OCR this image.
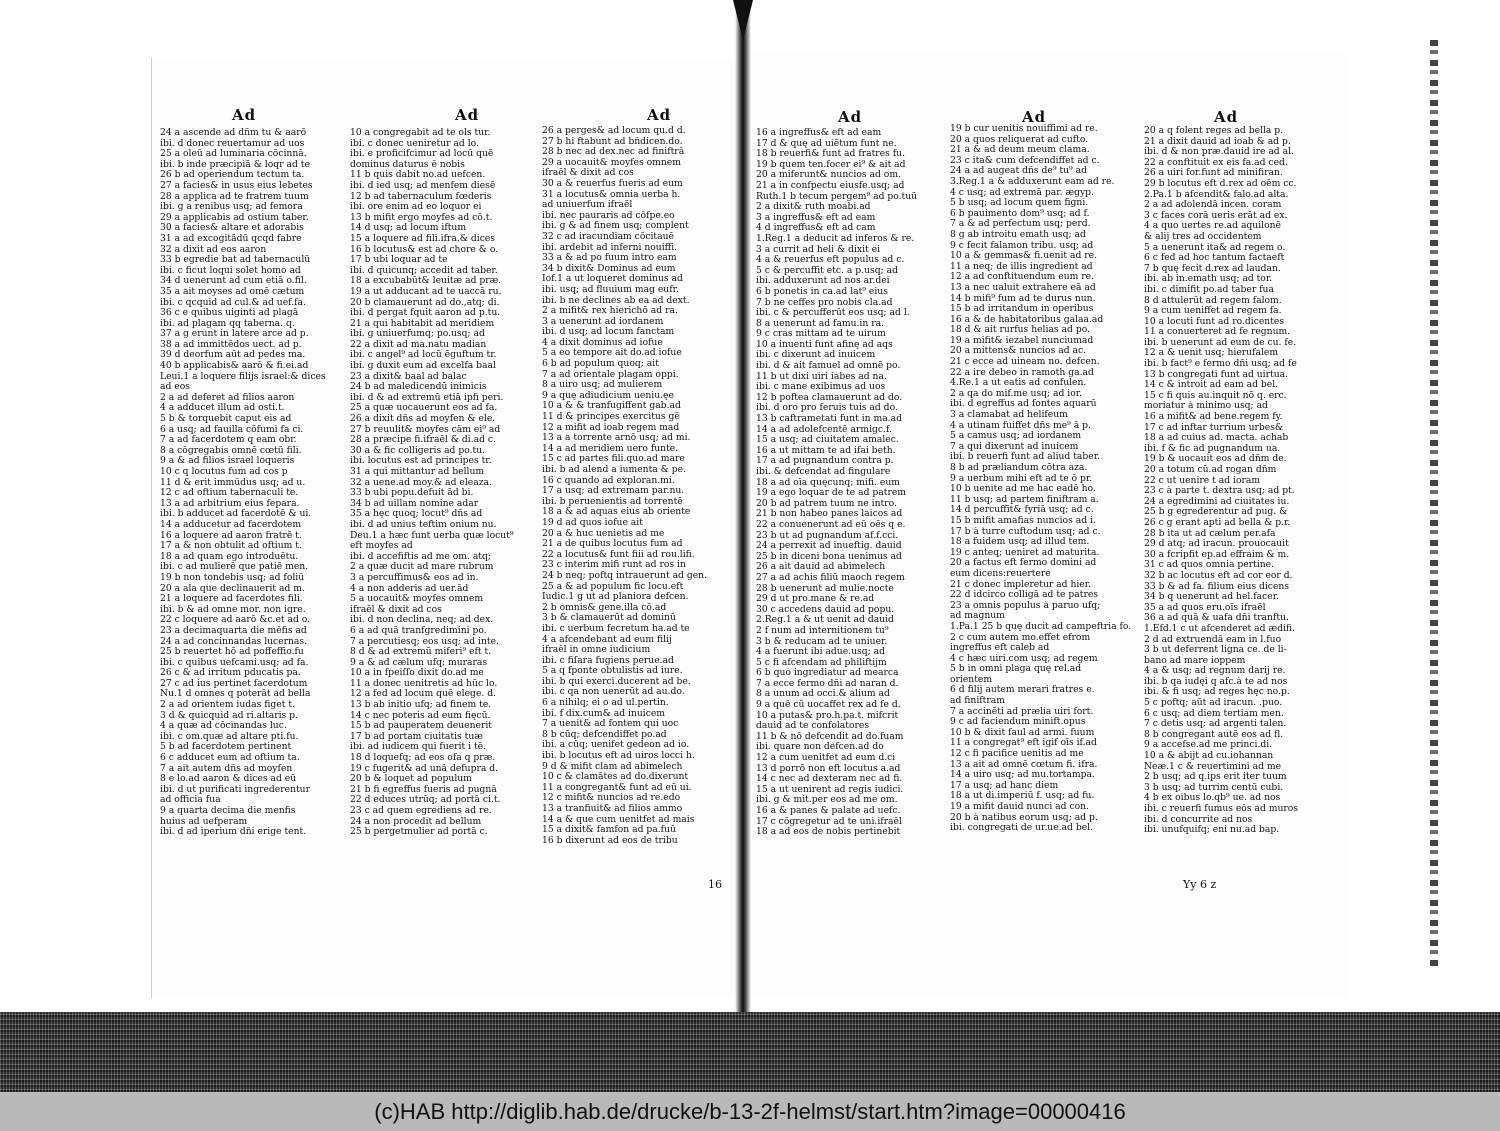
Ad
24 a ascende ad dñm tu & aarõ
ibi. d donec reuertamur ad uos
25 a oleū ad luminaria cōcinnā.
ibi. b inde præcipiā & loqr ad te
26 b ad operiendum tectum ta.
27 a facies& in usus eius lebetes
28 a applica ad te fratrem tuum
ibi. g a renibus usq; ad femora
29 a applicabis ad ostium taber.
30 a facies& altare et adorabis
31 a ad excogitādū qcqd fabre
32 a dixit ad eos aaron
33 b egredie bat ad tabernaculū
ibi. c ficut loqui solet homo ad
34 d uenerunt ad cum etiā o.fil.
35 a ait moyses ad omē cætum
ibi. c qcquid ad cul.& ad uef.fa.
36 c e quibus uiginti ad plagā
ibi. ad plagam qq taberna. q.
37 a g erunt in latere arce ad p.
38 a ad immittēdos uect. ad p.
39 d deorfum aūt ad pedes ma.
40 b applicabis& aarō & fi.ei.ad
Leui.1 a loquere filijs israel:& dices
ad eos
2 a ad deferet ad filios aaron
4 a adducet illum ad osti.t.
5 b & torquebit caput eis ad
6 a usq; ad fauilla cōfumi fa ci.
7 a ad facerdotem q eam obr.
8 a cōgregabis omnē cœtū fili.
9 a & ad filios israel loqueris
10 c q locutus fum ad cos p
11 d & erit immūdus usq; ad u.
12 c ad oftium tabernaculi te.
13 a ad arbitrium eius fepara.
ibi. b adducet ad facerdotē & ui.
14 a adducetur ad facerdotem
16 a loquere ad aaron fratrē t.
17 a & non obtulit ad oftium t.
18 a ad quam ego introduētu.
ibi. c ad mulierē que patiē men.
19 b non tondebis usq; ad foliū
20 a ala que declinauerit ad m.
21 a loquere ad facerdotes fili.
ibi. b & ad omne mor. non igre.
22 c loquere ad aarō &c.et ad o.
23 a decimaquarta die mēfis ad
24 a ad concinnandas lucernas.
25 b reuertet hō ad poffeffio.fu
ibi. c quibus uefcami.usq; ad fa.
26 c & ad irritum pducatis pa.
27 c ad ius pertinet facerdotum
Nu.1 d omnes q poterāt ad bella
2 a ad orientem iudas figet t.
3 d & quicquid ad ri.altaris p.
4 a quæ ad cōcinandas luc.
ibi. c om.quæ ad altare pti.fu.
5 b ad facerdotem pertinent
6 c adducet eum ad oftium ta.
7 a ait autem dñs ad moyfen
8 e lo.ad aaron & dices ad eū
ibi. d ut purificati ingrederentur
ad officia fua
9 a quarta decima die menfis
huius ad uefperam
ibi. d ad iperium dñi erige tent.
Ad
10 a congregabit ad te ols tur.
ibi. c donec ueniretur ad lo.
ibi. e proficifcimur ad locū quē
dominus daturus ē nobis
11 b quis dabit no.ad uefcen.
ibi. d ied usq; ad menfem diesē
12 b ad tabernaculum fœderis
ibi. ore enim ad eo loquor ei
13 b mifit ergo moyfes ad cō.t.
14 d usq; ad locum iftum
15 a loquere ad fili.ifra.& dices
16 b locutus& est ad chore & o.
17 b ubi loquar ad te
ibi. d quicunq; accedit ad taber.
18 a excubabūt& leuitæ ad præ.
19 a ut adducant ad te uaccā ru.
20 b clamauerunt ad do.,atq; di.
ibi. d pergat fquit aaron ad p.tu.
21 a qui habitabit ad meridiem
ibi. g uniuerfumq; po.usq; ad
22 a dixit ad ma.natu madian
ibi. c angel⁹ ad locū ēguftum tr.
ibi. g duxit eum ad excelfa baal
23 a dixit& baal ad balac
24 b ad maledicendū inimicis
ibi. d & ad extremū etiā ipfi peri.
25 a quæ uocauerunt eos ad fa.
26 a dixit dñs ad moyfen & ele.
27 b reuulit& moyfes cām ei⁹ ad
28 a præcipe fi.ifraēl & di.ad c.
30 a & fic colligeris ad po.tu.
ibi. locutus est ad principes tr.
31 a qui mittantur ad bellum
32 a uene.ad moy.& ad eleaza.
33 b ubi popu.defuit ād bi.
34 b ad uillam nomine adar
35 a hęc quoq; locut⁹ dñs ad
ibi. d ad unius teftim onium nu.
Deu.1 a hæc funt uerba quæ locut⁹
eft moyfes ad
ibi. d accefiftis ad me om. atq;
2 a quæ ducit ad mare rubrum
3 a percuffimus& eos ad in.
4 a non adderis ad uer.ād
5 a uocauit& moyfes omnem
ifraēl & dixit ad cos
ibi. d non declina, neq; ad dex.
6 a ad quā tranfgredimini po.
7 a percutiesq; eos usq; ad inte.
8 d & ad extremū miferi⁹ eft t.
9 a & ad cælum ufq; muraras
10 a in fpeiſſo dixit do.ad me
11 a donec uenitretis ad hūc lo.
12 a fed ad locum quē elege. d.
13 b ab initio ufq; ad finem te.
14 c nec poteris ad eum fięcū.
15 b ad pauperatem deuenerit
17 b ad portam ciuitatis tuæ
ibi. ad iudicem qui fuerit i tē.
18 d loquefq; ad eos ofa q præ.
19 c fugerit& ad unā defupra d.
20 b & loquet ad populum
21 b fi egreffus fueris ad pugnā
22 d educes utrūq; ad portā ci.t.
23 c ad quem egrediens ad re.
24 a non procedit ad bellum
25 b pergetmulier ad portā c.
Ad
26 a perges& ad locum qu.d d.
27 b hi ftabunt ad bñdicen.do.
28 b nec ad dex.nec ad finiftrā
29 a uocauit& moyfes omnem
ifraēl & dixit ad cos
30 a & reuerfus fueris ad eum
31 a locutus& omnia uerba h.
ad uniuerfum ifraēl
ibi. nec pauraris ad cōfpe.eo
ibi. g & ad finem usq; complent
32 c ad iracundiam cōcitauē
ibi. ardebit ad inferni nouiffi.
33 a & ad po fuum intro eam
34 b dixit& Dominus ad eum
Iof.1 a ut loqueret dominus ad
ibi. usq; ad fluuium mag eufr.
ibi. b ne declines ab ea ad dext.
2 a mifit& rex hierichō ad ra.
3 a uenerunt ad iordanem
ibi. d usq; ad locum fanctam
4 a dixit dominus ad iofue
5 a eo tempore ait do.ad iofue
6 b ad populum quoq; ait
7 a ad orientale plagam oppi.
8 a uiro usq; ad mulierem
9 a quę adiudicium ueniu.ęe
10 a & & tranfugiffent gab.ad
11 d & principes exercitus gē
12 a mifit ad ioab regem mad
13 a a torrente arnō usq; ad mi.
14 a ad meridiem uero funte.
15 c ad partes fili.quo.ad mare
ibi. b ad alend a iumenta & pe.
16 c quando ad exploran.mi.
17 a usq; ad extremam par.nu.
ibi. b peruenientis ad torrentē
18 a & ad aquas eius ab oriente
19 d ad quos iofue ait
20 a & huc uenietis ad me
21 a de quibus locutus fum ad
22 a locutus& funt fiii ad rou.lifi.
23 c interim mifi runt ad ros in
24 b neq; poftq intrauerunt ad gen.
25 a & ad populum fic locu.eft
Iudic.1 g ut ad planiora defcen.
2 b omnis& gene.illa cō.ad
3 b & clamauerūt ad dominū
ibi. c uerbum fecretum ha.ad te
4 a afcendebant ad eum filij
ifraēl in omne iudicium
ibi. c fiſara fugiens perue.ad
5 a q fponte obtulistis ad iure.
ibi. b qui exerci.ducerent ad be.
ibi. c qa non uenerūt ad au.do.
6 a nihilq; ei o ad ul.pertin.
ibi. f dix.cum& ad inuicem
7 a uenit& ad fontem qui uoc
8 b cūq; defcendiffet po.ad
ibi. a cūq; uenifet gedeon ad io.
ibi. b locutus eft ad uiros locci h.
9 d & mifit clam ad abimelech
10 c & clamātes ad do.dixerunt
11 a congregant& funt ad eū ui.
12 c mifit& nuncios ad re.edo
13 a tranfiuit& ad filios ammo
14 a & que cum uenitfet ad mais
15 a dixit& famfon ad pa.fuū
16 b dixerunt ad eos de tribu
16
Ad
16 a ingreffus& eft ad eam
17 d & quę ad uiētum funt ne.
18 b reuerfi& funt ad fratres fu.
19 b quem ten.focer ei⁹ & ait ad
20 a miferunt& nuncios ad om.
21 a in confpectu eiusfe.usq; ad
Ruth.1 b tecum pergem⁹ ad po.tuū
2 a dixit& ruth moabi.ad
3 a ingreffus& eft ad eam
4 d ingreffus& eft ad cam
1.Reg.1 a deducit ad inferos & re.
3 a currit ad heli & dixit ei
4 a & reuerfus eft populus ad c.
5 c & percuffit etc. a p.usq; ad
ibi. adduxerunt ad nos ar.dei
6 b ponetis in ca.ad lat⁹ eius
7 b ne ceffes pro nobis cla.ad
ibi. c & percufferūt eos usq; ad l.
8 a uenerunt ad famu.in ra.
9 c cras mittam ad te uirum
10 a inuenti funt afinę ad aqs
ibi. c dixerunt ad inuicem
ibi. d & ait famuel ad omnē po.
11 b ut dixi uiri iabes ad na.
ibi. c mane exibimus ad uos
12 b poftea clamauerunt ad do.
ibi. d oro pro feruis tuis ad do.
13 b caftrametati funt in ma.ad
14 a ad adolefcentē armigc.f.
15 a usq; ad ciuitatem amalec.
16 a ut mittam te ad ifai beth.
17 a ad pugnandum contra p.
ibi. & defcendat ad fingulare
18 a ad oīa quęcunq; mifi. eum
19 a ego loquar de te ad patrem
20 b ad patrem tuum ne intro.
21 b non habeo panes laicos ad
22 a conuenerunt ad eū oēs q e.
23 b ut ad pugnandum af.f.cci.
24 a perrexit ad inueftig. dauid
25 b in diceni bona uenimus ad
26 a ait dauid ad abimelech
27 a ad achis filiū maoch regem
28 b uenerunt ad mulie.nocte
29 d ut pro.mane & re.ad
30 c accedens dauid ad popu.
2.Reg.1 a & ut uenit ad dauid
2 f num ad internitionem tu⁹
3 b & reducam ad te uniuer.
4 a fuerunt ibi adue.usq; ad
5 c fi afcendam ad philiftijm
6 b quò ingrediatur ad mearca
7 a ecce fermo dñi ad naran d.
8 a unum ad occi.& alium ad
9 a quē cū uocaffet rex ad fe d.
10 a putas& pro.h.pa.t. mifcrit
dauid ad te confolatores
11 b & nō defcendit ad do.fuam
ibi. quare non defcen.ad do
12 a cum uenitfet ad eum d.ci
13 d porrō non eft locutus a.ad
14 c nec ad dexteram nec ad fi.
15 a ut uenirent ad regis iudici.
ibi. g & mit.per eos ad me om.
16 a & panes & palate ad uefc.
17 c cōgregetur ad te uni.ifraēl
18 a ad eos de nobis pertinebit
Ad
19 b cur uenitis nouiffimi ad re.
20 a quos reliquerat ad cufto.
21 a & ad deum meum clama.
23 c ita& cum defcendiffet ad c.
24 a ad augeat dñs de⁹ tu⁹ ad
3.Reg.1 a & adduxerunt eam ad re.
4 c usq; ad extremā par. ægyp.
5 b usq; ad locum quem figni.
6 b pauimento dom⁹ usq; ad f.
7 a & ad perfectum usq; perd.
8 g ab introitu emath usq; ad
9 c fecit falamon tribu. usq; ad
10 a & gemmas& fi.uenit ad re.
11 a neq; de illis ingredient ad
12 a ad conftituendum eum re.
13 a nec ualuit extrahere eā ad
14 b mifi⁹ fum ad te durus nun.
15 b ad irritandum in operibus
16 a & de habitatoribus galaa.ad
18 d & ait rurfus helias ad po.
19 a mifit& iezabel nunciumad
20 a mittens& nuncios ad ac.
21 c ecce ad uineam no. defcen.
22 a ire debeo in ramoth ga.ad
4.Re.1 a ut eatis ad confulen.
2 a qa do mif.me usq; ad ior.
ibi. d egreffus ad fontes aquarū
3 a clamabat ad helifeum
4 a utinam fuiffet dñs me⁹ ā p.
5 a camus usq; ad iordanem
7 a qui dixerunt ad inuicem
ibi. b reuerfi funt ad aliud taber.
8 b ad præliandum cōtra aza.
9 a uerbum mihi eft ad te ō pr.
10 b uenite ad me hac eadē ho.
11 b usq; ad partem finiftram a.
14 d percuffit& fyriā usq; ad c.
15 b mifit amafias nuncios ad i.
17 b à turre cuftodum usq; ad c.
18 a fuidem usq; ad illud tem.
19 c anteq; ueniret ad maturita.
20 a factus eft fermo domini ad
eum dicens:reuertere
21 c donec impleretur ad hier.
22 d idcirco colligā ad te patres
23 a omnis populus à paruo ufq;
ad magnum
1.Pa.1 25 b quę ducit ad campeftria fo.
2 c cum autem mo.effet efrom
ingreffus eft caleb ad
4 c hæc uiri.com usq; ad regem
5 b in omni plaga quę rel.ad
orientem
6 d filij autem merari fratres e.
ad finiftram
7 a accinēti ad prælia uiri fort.
9 c ad faciendum minift.opus
10 b & dixit faul ad armi. fuum
11 a congregat⁹ eft igif oīs if.ad
12 c fi pacifice uenitis ad me
13 a ait ad omnē cœtum fi. ifra.
14 a uiro usq; ad mu.tortampa.
17 a usq; ad hanc diem
18 a ut di.imperiū f. usq; ad fu.
19 a mifit dauid nunci ad con.
20 b à natibus eorum usq; ad p.
ibi. congregati de ur.ue.ad bel.
Ad
20 a q folent reges ad bella p.
21 a dixit dauid ad ioab & ad p.
ibi. d & non præ.dauid ire ad al.
22 a conftituit ex eis fa.ad ced.
26 a uiri for.funt ad minifiran.
29 b locutus eft d.rex ad oēm cc.
2.Pa.1 b afcendit& falo.ad alta.
2 a ad adolendā incen. coram
3 c faces corā ueris erāt ad ex.
4 a quo uertes re.ad aquilonē
& alij tres ad occidentem
5 a uenerunt ita& ad regem o.
6 c fed ad hoc tantum factaeft
7 b quę fecit d.rex ad laudan.
ibi. ab in.emath usq; ad tor.
ibi. c dimifit po.ad taber fua
8 d attulerūt ad regem falom.
9 a cum ueniffet ad regem fa.
10 a locuti funt ad ro.dicentes
11 a conuerteret ad fe regnum.
ibi. b uenerunt ad eum de cu. fe.
12 a & uenit usq; hierufalem
ibi. b fact⁹ e fermo dñi usq; ad fe
13 b congregati funt ad uirtua.
14 c & introit ad eam ad bel.
15 c fi quis au.inquit nō q. erc.
moriatur à minimo usq; ad
16 a mifit& ad bene.regem fy.
17 c ad inftar turrium urbes&
18 a ad cuius ad. macta. achab
ibi. f & fic ad pugnandum ua.
19 b & uocauit eos ad dñm de.
20 a totum cū.ad rogan dñm
22 c ut uenire t ad ioram
23 c à parte t. dextra usq; ad pt.
24 a egredimini ad ciuitates iu.
25 b g egrederentur ad pug. &
26 c g erant apti ad bella & p.r.
28 b ita ut ad cælum per.afa
29 d atq; ad iracun. prouocauit
30 a fcripfit ep.ad effraim & m.
31 c ad quos omnia pertine.
32 b ac locutus eft ad cor eor d.
33 b & ad fa. filium eius dicens
34 b q uenerunt ad hel.facer.
35 a ad quos eru.oīs ifraēl
36 a ad quā & uafa dñi tranftu.
1.Efd.1 c ut afcenderet ad ædifi.
2 d ad extruendā eam in l.fuo
3 b ut deferrent ligna ce. de li-
bano ad mare ioppem
4 a & usq; ad regnum darij re.
ibi. b qa iudęi q afc.à te ad nos
ibi. & fi usq; ad reges hęc no.p.
5 c poftq; aūt ad iracun. .puo.
6 c usq; ad diem tertiam men.
7 c detis usq; ad argenti talen.
8 b congregant autē eos ad fl.
9 a accefse.ad me princi.di.
10 a & abijt ad cu.iohannan
Neæ.1 c & reuertimini ad me
2 b usq; ad q.ips erit iter tuum
3 b usq; ad turrim centū cubi.
4 b ex oibus lo.qb⁹ ue. ad nos
ibi. c reuerfi fumus eōs ad muros
ibi. d concurrite ad nos
ibi. unufquifq; eni nu.ad bap.
Yy 6 z
(c)HAB http://diglib.hab.de/drucke/b-13-2f-helmst/start.htm?image=00000416
